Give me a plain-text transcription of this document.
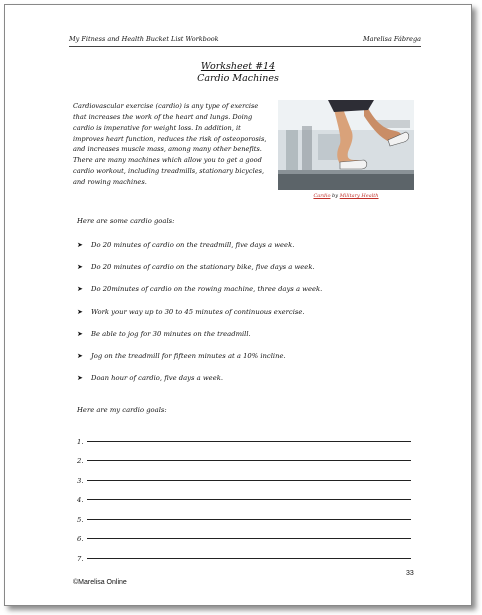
My Fitness and Health Bucket List Workbook	Marelisa Fábrega
Worksheet #14
Cardio Machines

Cardiovascular exercise (cardio) is any type of exercise that increases the work of the heart and lungs. Doing cardio is imperative for weight loss. In addition, it improves heart function, reduces the risk of osteoporosis, and increases muscle mass, among many other benefits. There are many machines which allow you to get a good cardio workout, including treadmills, stationary bicycles, and rowing machines.

Cardio by Military Health
Here are some cardio goals:
➤	Do 20 minutes of cardio on the treadmill, five days a week.
➤	Do 20 minutes of cardio on the stationary bike, five days a week.
➤	Do 20minutes of cardio on the rowing machine, three days a week.
➤	Work your way up to 30 to 45 minutes of continuous exercise.
➤	Be able to jog for 30 minutes on the treadmill.
➤	Jog on the treadmill for fifteen minutes at a 10% incline.
➤	Doan hour of cardio, five days a week.
Here are my cardio goals:
1.
2.
3.
4.
5.
6.
7.
©Marelisa Online
33
